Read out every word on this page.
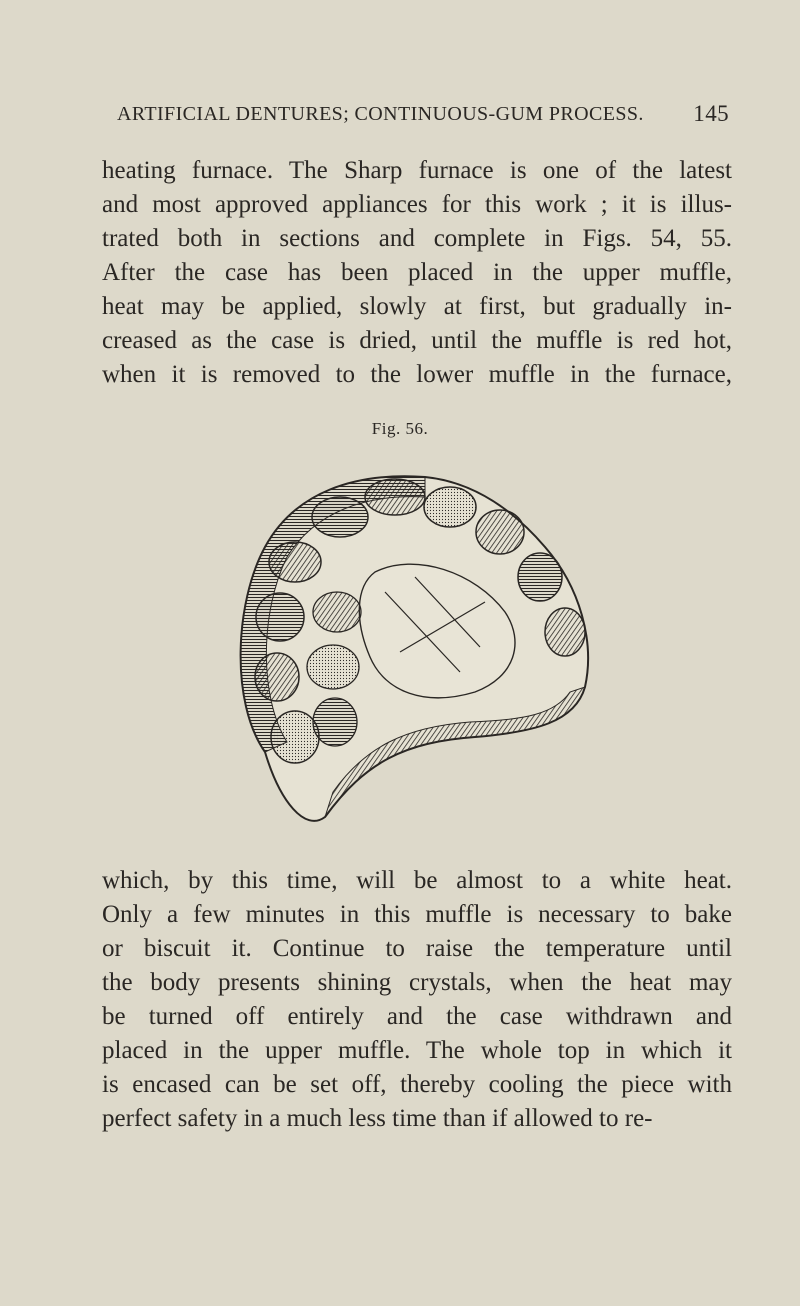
ARTIFICIAL DENTURES; CONTINUOUS-GUM PROCESS. 145
heating furnace. The Sharp furnace is one of the latest
and most approved appliances for this work ; it is illus-
trated both in sections and complete in Figs. 54, 55.
After the case has been placed in the upper muffle,
heat may be applied, slowly at first, but gradually in-
creased as the case is dried, until the muffle is red hot,
when it is removed to the lower muffle in the furnace,
Fig. 56.
which, by this time, will be almost to a white heat.
Only a few minutes in this muffle is necessary to bake
or biscuit it. Continue to raise the temperature until
the body presents shining crystals, when the heat may
be turned off entirely and the case withdrawn and
placed in the upper muffle. The whole top in which it
is encased can be set off, thereby cooling the piece with
perfect safety in a much less time than if allowed to re-
